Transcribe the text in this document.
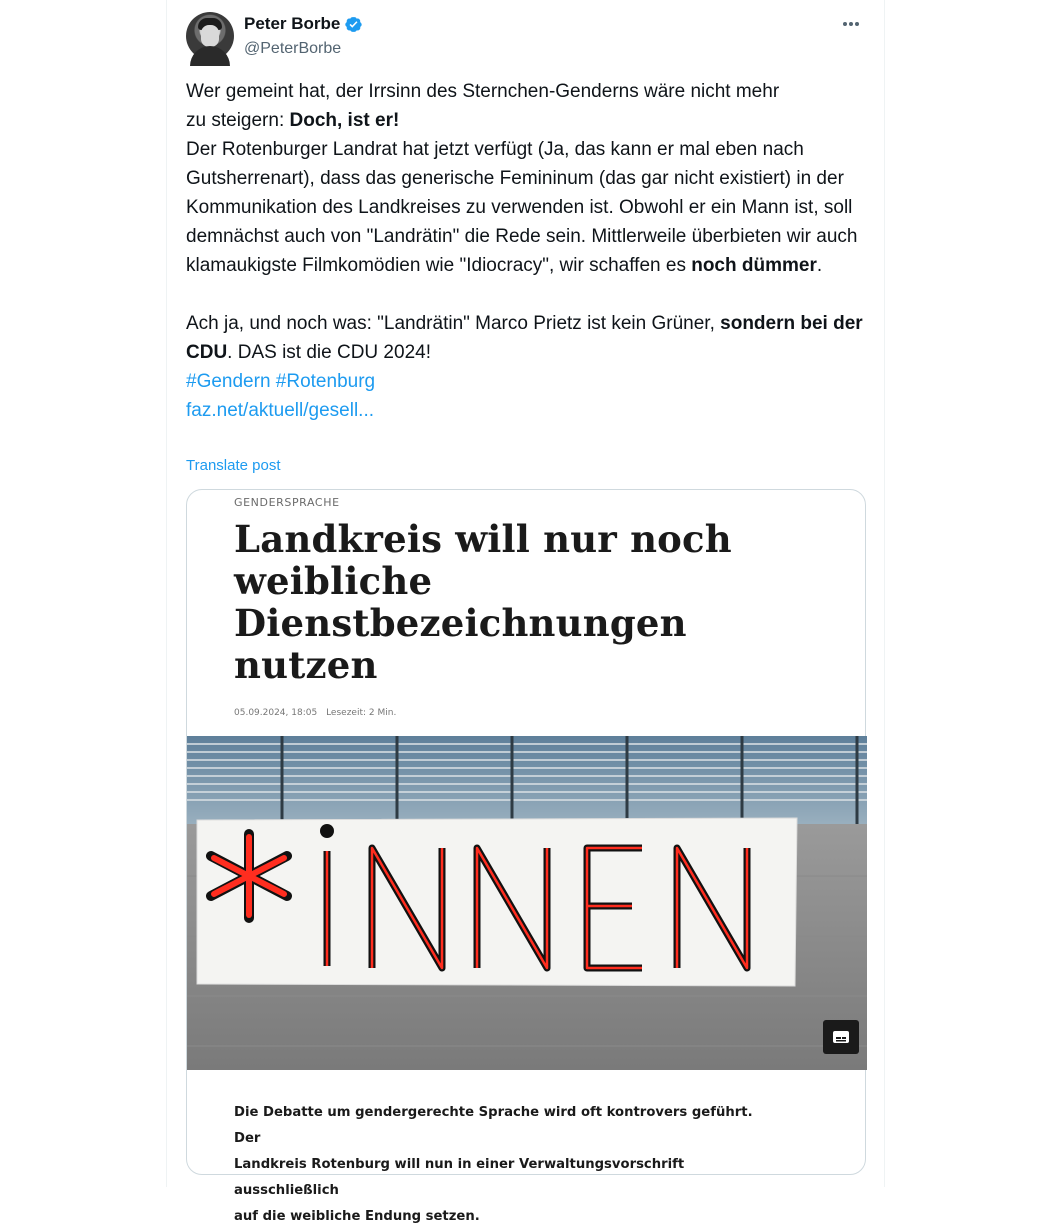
Peter Borbe
@PeterBorbe

Wer gemeint hat, der Irrsinn des Sternchen-Genderns wäre nicht mehr

zu steigern: Doch, ist er!

Der Rotenburger Landrat hat jetzt verfügt (Ja, das kann er mal eben nach Gutsherrenart), dass das generische Femininum (das gar nicht existiert) in der Kommunikation des Landkreises zu verwenden ist. Obwohl er ein Mann ist, soll demnächst auch von "Landrätin" die Rede sein. Mittlerweile überbieten wir auch klamaukigste Filmkomödien wie "Idiocracy", wir schaffen es noch dümmer.

Ach ja, und noch was: "Landrätin" Marco Prietz ist kein Grüner, sondern bei der CDU. DAS ist die CDU 2024!

#Gendern #Rotenburg

faz.net/aktuell/gesell...

Translate post
GENDERSPRACHE
Landkreis will nur noch
weibliche
Dienstbezeichnungen
nutzen
05.09.2024, 18:05 Lesezeit: 2 Min.
Die Debatte um gendergerechte Sprache wird oft kontrovers geführt. Der
Landkreis Rotenburg will nun in einer Verwaltungsvorschrift ausschließlich
auf die weibliche Endung setzen.
